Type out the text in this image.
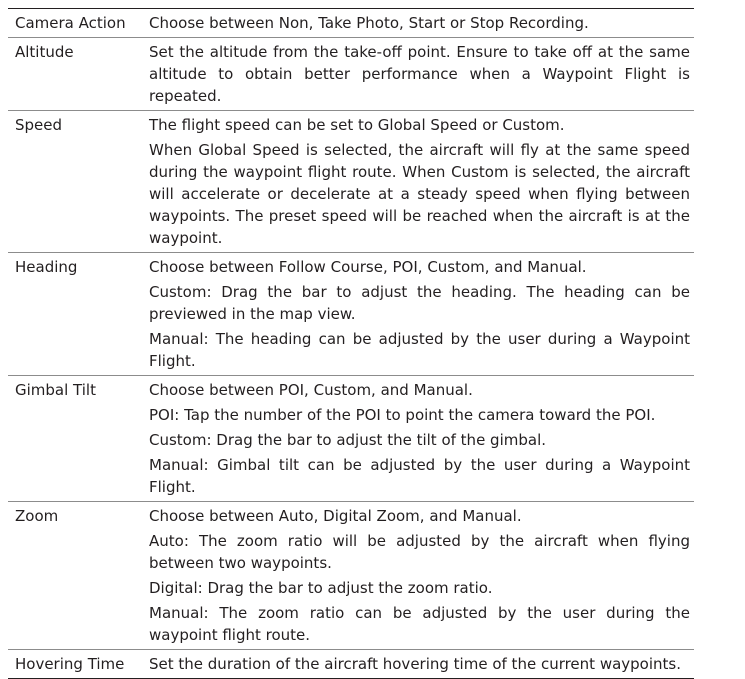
Camera Action	Choose between Non, Take Photo, Start or Stop Recording.

Altitude	Set the altitude from the take-off point. Ensure to take off at the same altitude to obtain better performance when a Waypoint Flight is repeated.

Speed	The flight speed can be set to Global Speed or Custom.
When Global Speed is selected, the aircraft will fly at the same speed during the waypoint flight route. When Custom is selected, the aircraft will accelerate or decelerate at a steady speed when flying between waypoints. The preset speed will be reached when the aircraft is at the waypoint.

Heading	Choose between Follow Course, POI, Custom, and Manual.
Custom: Drag the bar to adjust the heading. The heading can be previewed in the map view.
Manual: The heading can be adjusted by the user during a Waypoint Flight.

Gimbal Tilt	Choose between POI, Custom, and Manual.
POI: Tap the number of the POI to point the camera toward the POI.
Custom: Drag the bar to adjust the tilt of the gimbal.
Manual: Gimbal tilt can be adjusted by the user during a Waypoint Flight.

Zoom	Choose between Auto, Digital Zoom, and Manual.
Auto: The zoom ratio will be adjusted by the aircraft when flying between two waypoints.
Digital: Drag the bar to adjust the zoom ratio.
Manual: The zoom ratio can be adjusted by the user during the waypoint flight route.

Hovering Time	Set the duration of the aircraft hovering time of the current waypoints.
